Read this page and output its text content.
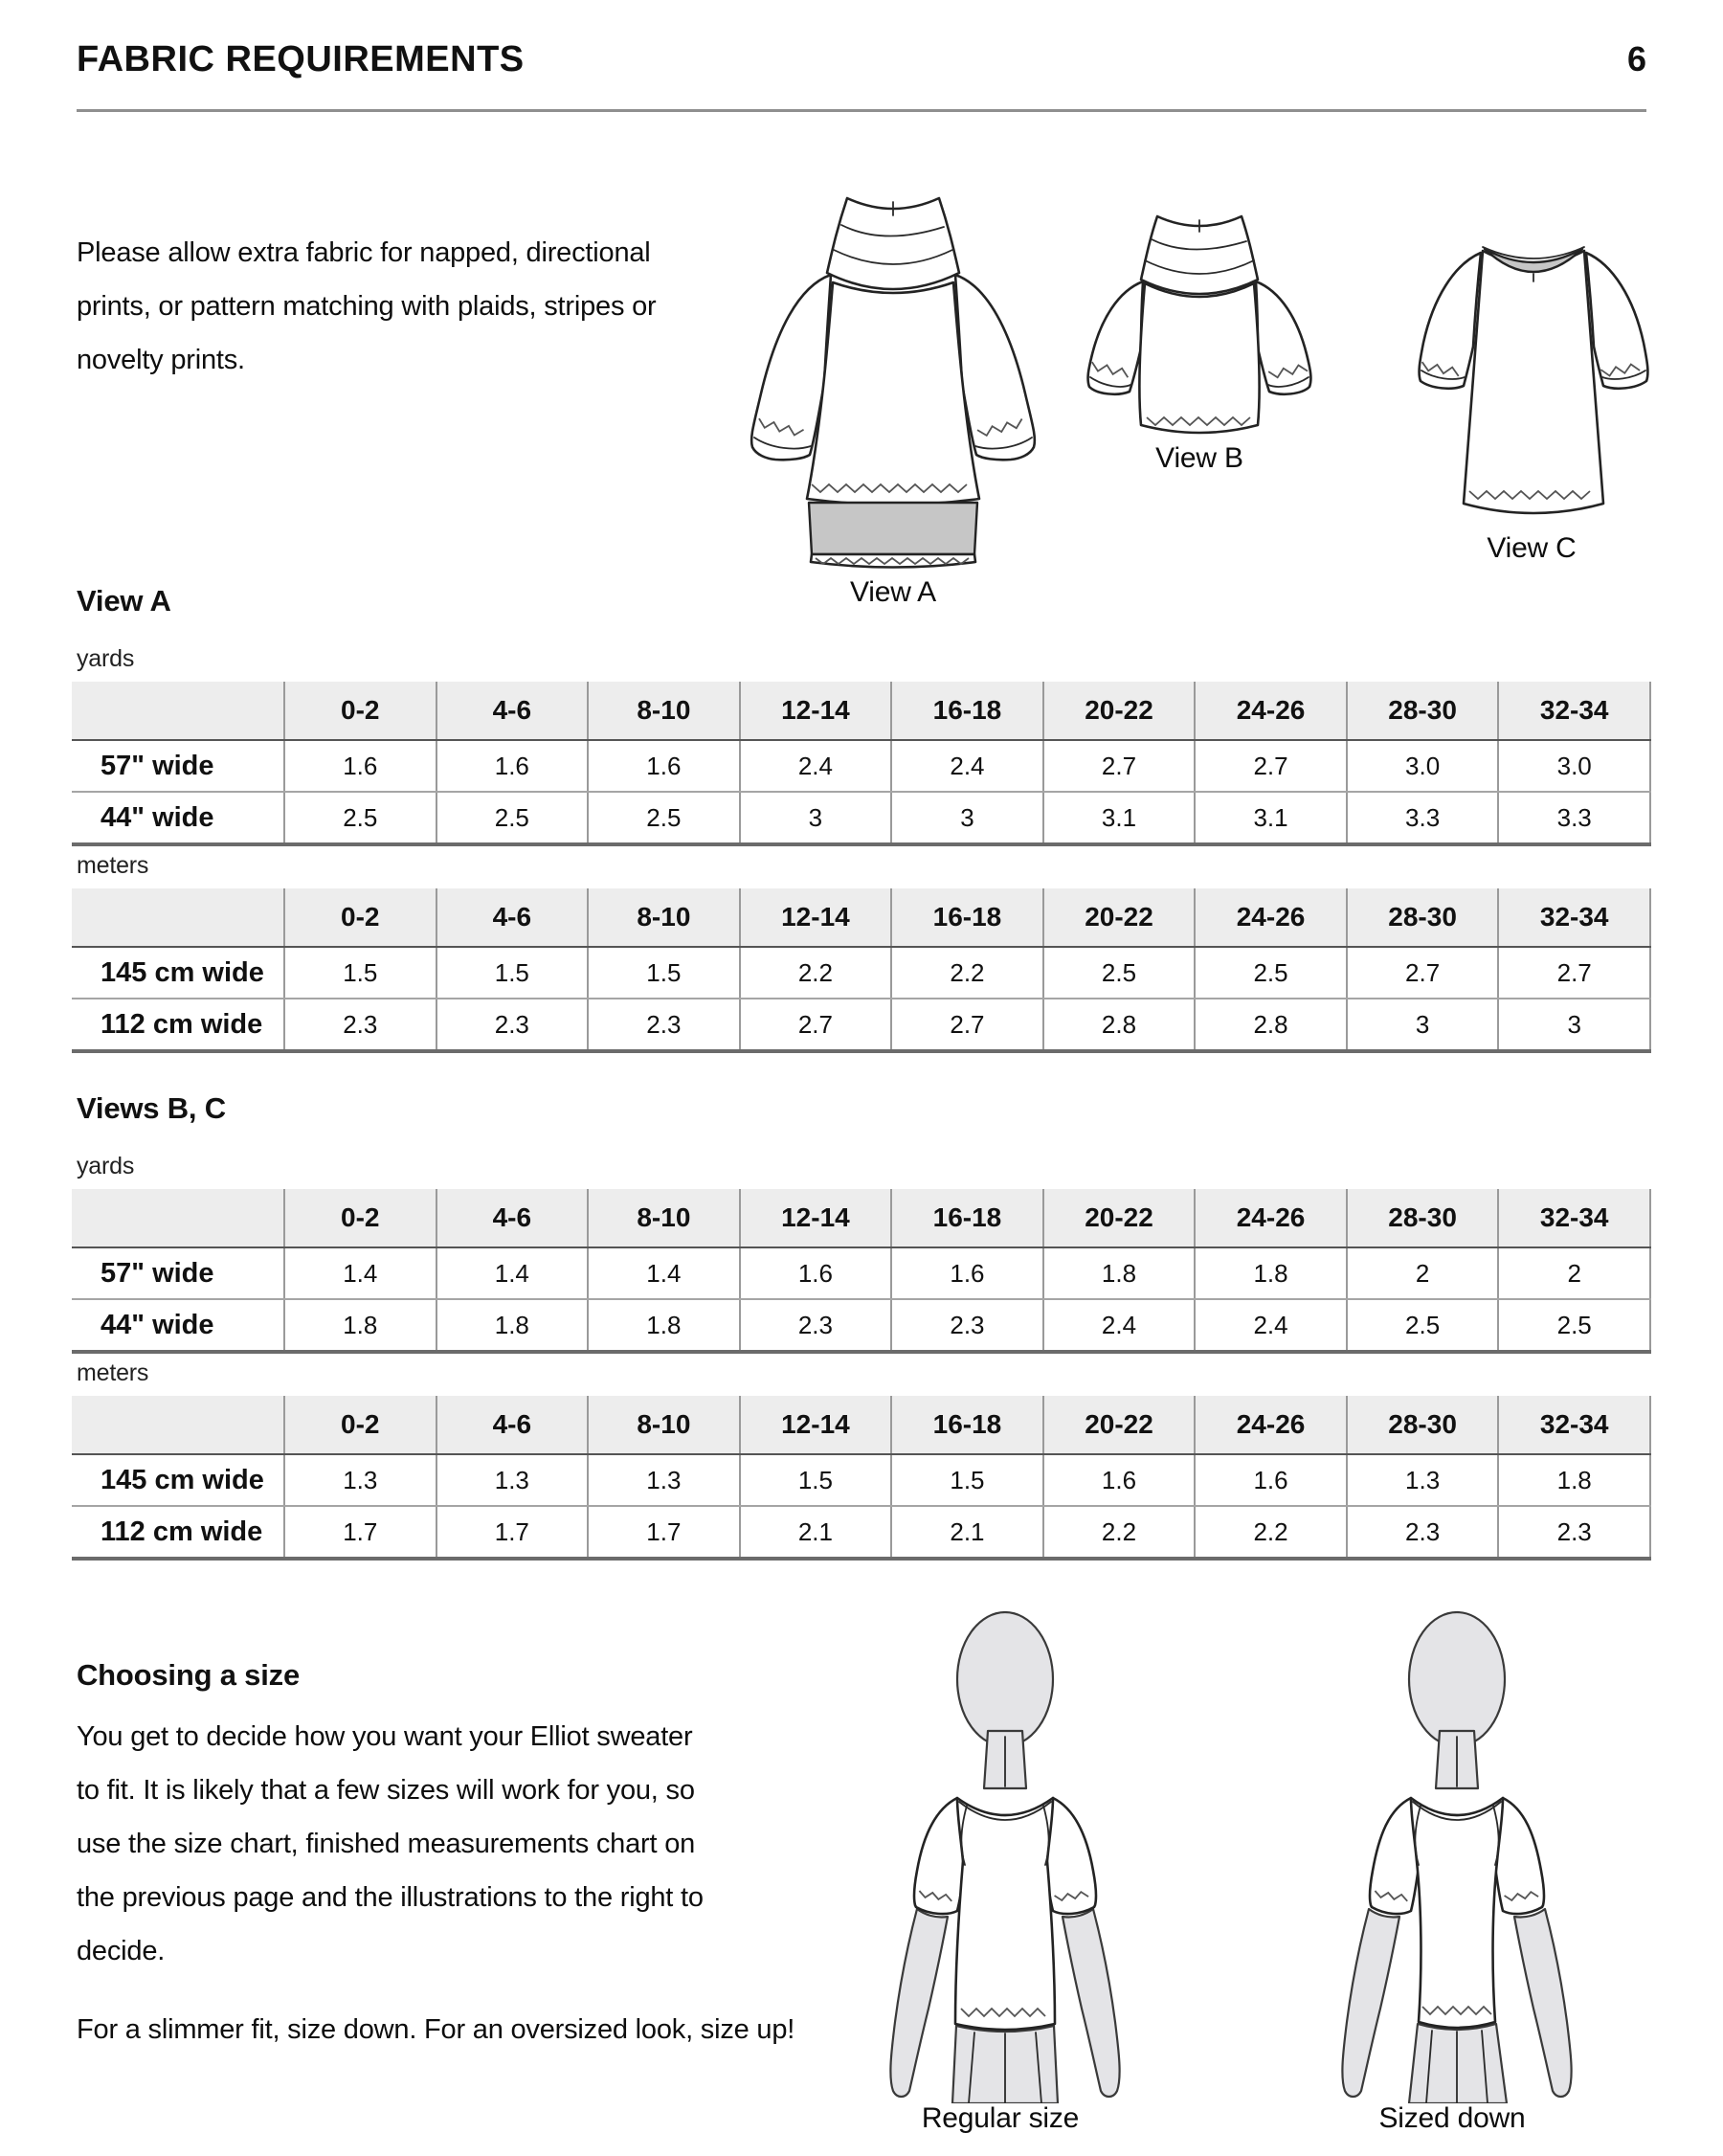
FABRIC REQUIREMENTS	6
Please allow extra fabric for napped, directional prints, or pattern matching with plaids, stripes or novelty prints.
View A
View B
View C
View A
yards
	0-2	4-6	8-10	12-14	16-18	20-22	24-26	28-30	32-34
57" wide	1.6	1.6	1.6	2.4	2.4	2.7	2.7	3.0	3.0
44" wide	2.5	2.5	2.5	3	3	3.1	3.1	3.3	3.3
meters
	0-2	4-6	8-10	12-14	16-18	20-22	24-26	28-30	32-34
145 cm wide	1.5	1.5	1.5	2.2	2.2	2.5	2.5	2.7	2.7
112 cm wide	2.3	2.3	2.3	2.7	2.7	2.8	2.8	3	3
Views B, C
yards
	0-2	4-6	8-10	12-14	16-18	20-22	24-26	28-30	32-34
57" wide	1.4	1.4	1.4	1.6	1.6	1.8	1.8	2	2
44" wide	1.8	1.8	1.8	2.3	2.3	2.4	2.4	2.5	2.5
meters
	0-2	4-6	8-10	12-14	16-18	20-22	24-26	28-30	32-34
145 cm wide	1.3	1.3	1.3	1.5	1.5	1.6	1.6	1.3	1.8
112 cm wide	1.7	1.7	1.7	2.1	2.1	2.2	2.2	2.3	2.3
Choosing a size
You get to decide how you want your Elliot sweater to fit. It is likely that a few sizes will work for you, so use the size chart, finished measurements chart on the previous page and the illustrations to the right to decide.
For a slimmer fit, size down. For an oversized look, size up!
Regular size	Sized down
